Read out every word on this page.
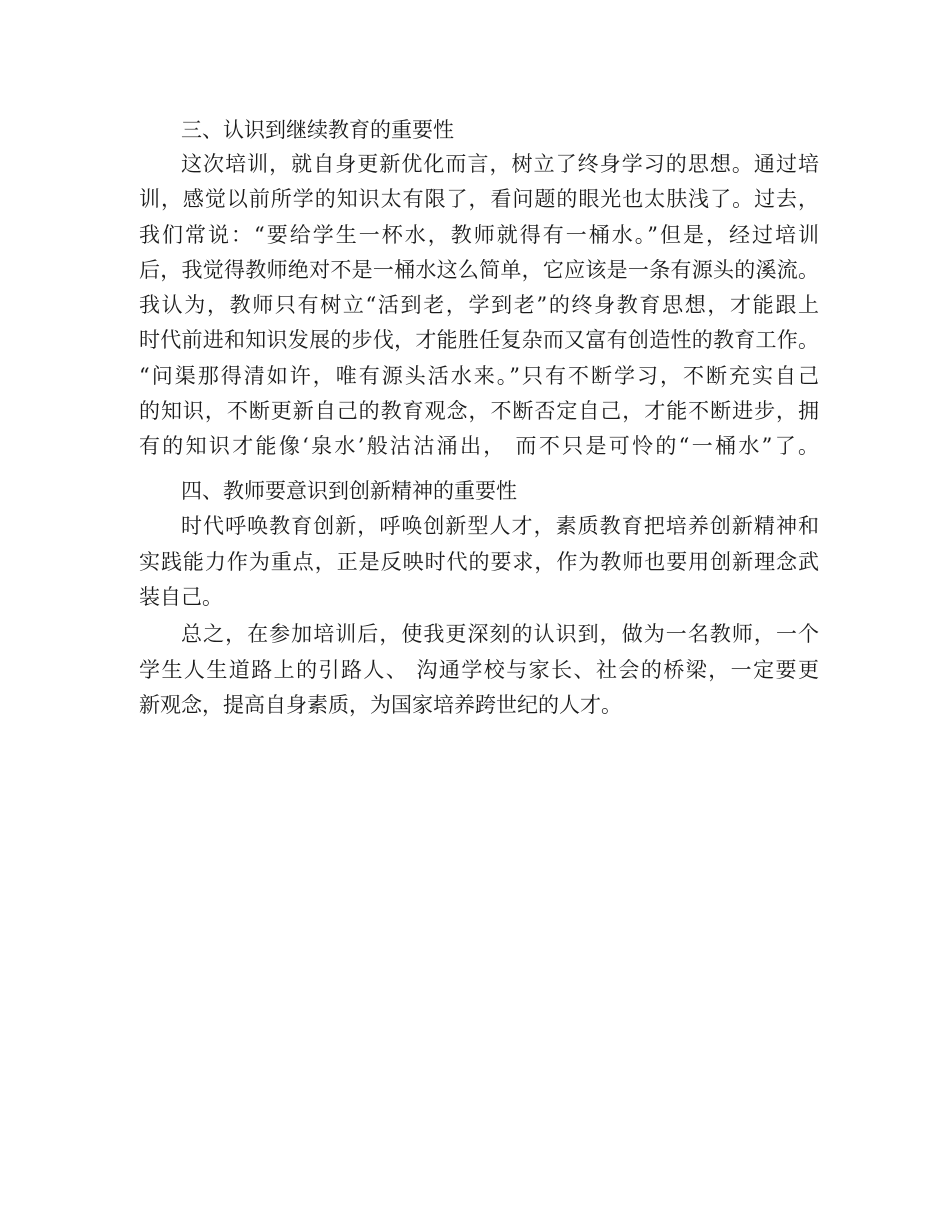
三、认识到继续教育的重要性
这次培训，就自身更新优化而言，树立了终身学习的思想。通过培
训，感觉以前所学的知识太有限了，看问题的眼光也太肤浅了。过去，
我们常说：“要给学生一杯水，教师就得有一桶水。”但是，经过培训
后，我觉得教师绝对不是一桶水这么简单，它应该是一条有源头的溪流。
我认为，教师只有树立“活到老，学到老”的终身教育思想，才能跟上
时代前进和知识发展的步伐，才能胜任复杂而又富有创造性的教育工作。
“问渠那得清如许，唯有源头活水来。”只有不断学习，不断充实自己
的知识，不断更新自己的教育观念，不断否定自己，才能不断进步，拥
有的知识才能像‘泉水’般沽沽涌出， 而不只是可怜的“一桶水”了。
四、教师要意识到创新精神的重要性
时代呼唤教育创新，呼唤创新型人才，素质教育把培养创新精神和
实践能力作为重点，正是反映时代的要求，作为教师也要用创新理念武
装自己。
总之，在参加培训后，使我更深刻的认识到，做为一名教师，一个
学生人生道路上的引路人、 沟通学校与家长、社会的桥梁，一定要更
新观念，提高自身素质，为国家培养跨世纪的人才。
